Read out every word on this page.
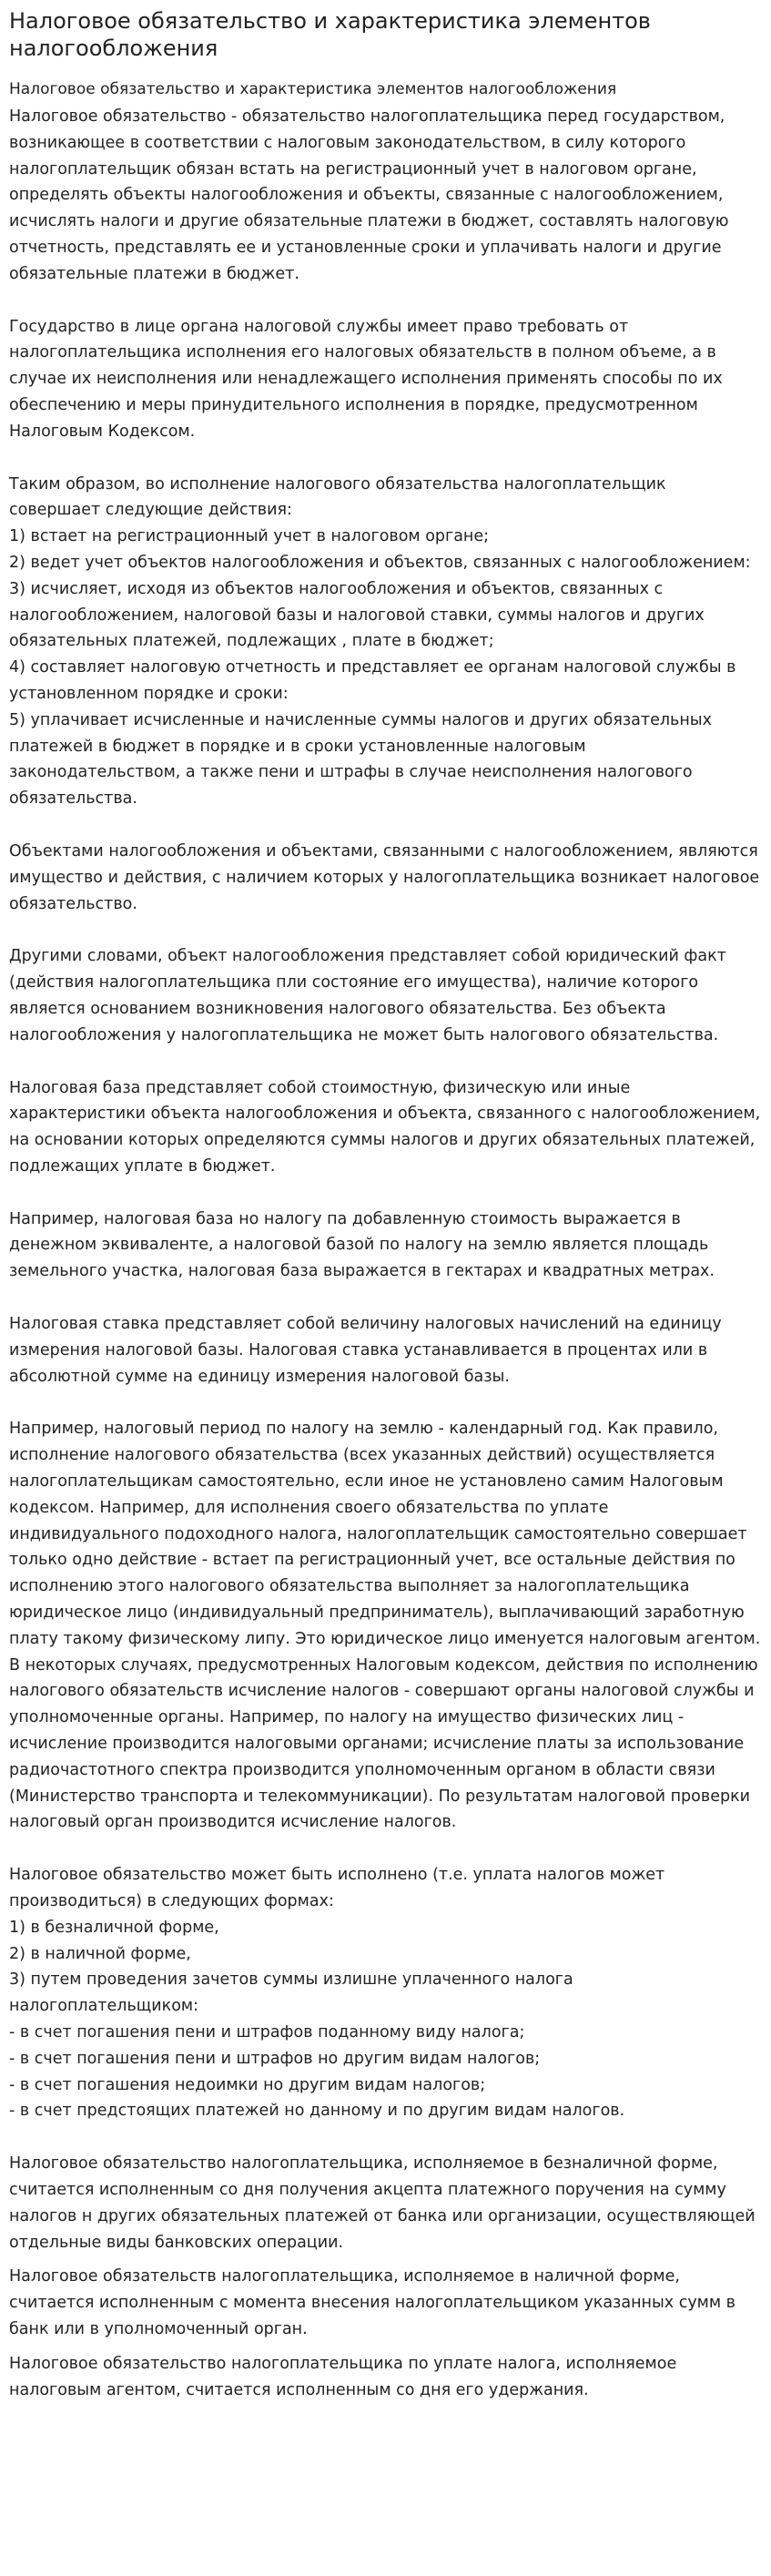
Налоговое обязательство и характеристика элементов налогообложения
Налоговое обязательство и характеристика элементов налогообложения
Налоговое обязательство - обязательство налогоплательщика перед государством, возникающее в соответствии с налоговым законодательством, в силу которого налогоплательщик обязан встать на регистрационный учет в налоговом органе, определять объекты налогообложения и объекты, связанные с налогообложением, исчислять налоги и другие обязательные платежи в бюджет, составлять налоговую отчетность, представлять ее и установленные сроки и уплачивать налоги и другие обязательные платежи в бюджет.
Государство в лице органа налоговой службы имеет право требовать от налогоплательщика исполнения его налоговых обязательств в полном объеме, а в случае их неисполнения или ненадлежащего исполнения применять способы по их обеспечению и меры принудительного исполнения в порядке, предусмотренном Налоговым Кодексом.
Таким образом, во исполнение налогового обязательства налогоплательщик совершает следующие действия:
1) встает на регистрационный учет в налоговом органе;
2) ведет учет объектов налогообложения и объектов, связанных с налогообложением:
3) исчисляет, исходя из объектов налогообложения и объектов, связанных с налогообложением, налоговой базы и налоговой ставки, суммы налогов и других обязательных платежей, подлежащих , плате в бюджет;
4) составляет налоговую отчетность и представляет ее органам налоговой службы в установленном порядке и сроки:
5) уплачивает исчисленные и начисленные суммы налогов и других обязательных платежей в бюджет в порядке и в сроки установленные налоговым законодательством, а также пени и штрафы в случае неисполнения налогового обязательства.
Объектами налогообложения и объектами, связанными с налогообложением, являются имущество и действия, с наличием которых у налогоплательщика возникает налоговое обязательство.
Другими словами, объект налогообложения представляет собой юридический факт (действия налогоплательщика пли состояние его имущества), наличие которого является основанием возникновения налогового обязательства. Без объекта налогообложения у налогоплательщика не может быть налогового обязательства.
Налоговая база представляет собой стоимостную, физическую или иные характеристики объекта налогообложения и объекта, связанного с налогообложением, на основании которых определяются суммы налогов и других обязательных платежей, подлежащих уплате в бюджет.
Например, налоговая база но налогу па добавленную стоимость выражается в денежном эквиваленте, а налоговой базой по налогу на землю является площадь земельного участка, налоговая база выражается в гектарах и квадратных метрах.
Налоговая ставка представляет собой величину налоговых начислений на единицу измерения налоговой базы. Налоговая ставка устанавливается в процентах или в абсолютной сумме на единицу измерения налоговой базы.
Например, налоговый период по налогу на землю - календарный год. Как правило, исполнение налогового обязательства (всех указанных действий) осуществляется налогоплательщикам самостоятельно, если иное не установлено самим Налоговым кодексом. Например, для исполнения своего обязательства по уплате индивидуального подоходного налога, налогоплательщик самостоятельно совершает только одно действие - встает па регистрационный учет, все остальные действия по исполнению этого налогового обязательства выполняет за налогоплательщика юридическое лицо (индивидуальный предприниматель), выплачивающий заработную плату такому физическому липу. Это юридическое лицо именуется налоговым агентом. В некоторых случаях, предусмотренных Налоговым кодексом, действия по исполнению налогового обязательств исчисление налогов - совершают органы налоговой службы и уполномоченные органы. Например, по налогу на имущество физических лиц - исчисление производится налоговыми органами; исчисление платы за использование радиочастотного спектра производится уполномоченным органом в области связи (Министерство транспорта и телекоммуникации). По результатам налоговой проверки налоговый орган производится исчисление налогов.
Налоговое обязательство может быть исполнено (т.е. уплата налогов может производиться) в следующих формах:
1) в безналичной форме,
2) в наличной форме,
3) путем проведения зачетов суммы излишне уплаченного налога налогоплательщиком:
- в счет погашения пени и штрафов поданному виду налога;
- в счет погашения пени и штрафов но другим видам налогов;
- в счет погашения недоимки но другим видам налогов;
- в счет предстоящих платежей но данному и по другим видам налогов.
Налоговое обязательство налогоплательщика, исполняемое в безналичной форме, считается исполненным со дня получения акцепта платежного поручения на сумму налогов н других обязательных платежей от банка или организации, осуществляющей отдельные виды банковских операции.
Налоговое обязательств налогоплательщика, исполняемое в наличной форме, считается исполненным с момента внесения налогоплательщиком указанных сумм в банк или в уполномоченный орган.
Налоговое обязательство налогоплательщика по уплате налога, исполняемое налоговым агентом, считается исполненным со дня его удержания.
